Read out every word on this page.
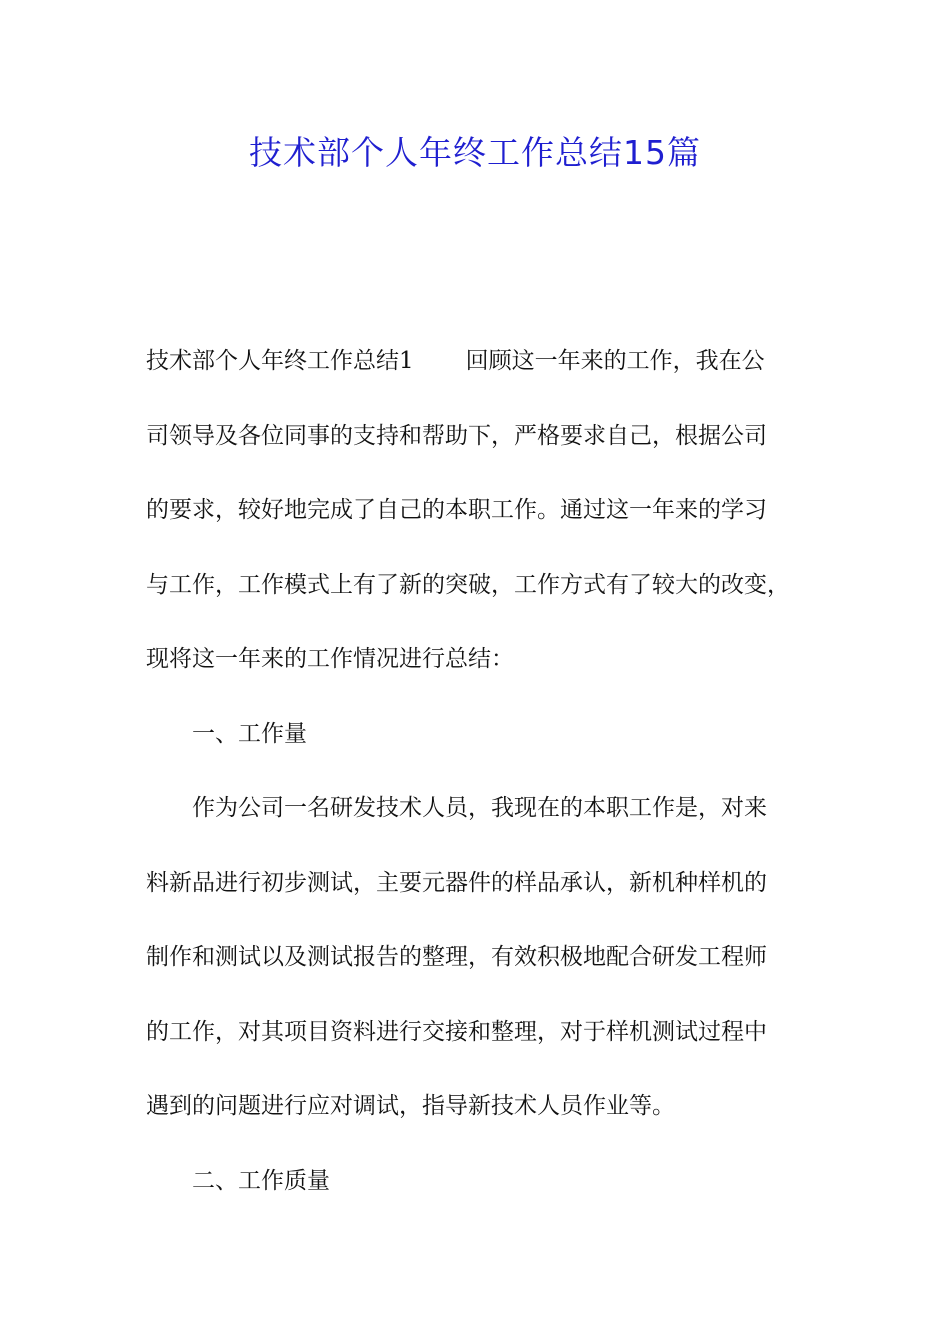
技术部个人年终工作总结15篇

技术部个人年终工作总结1 回顾这一年来的工作，我在公

司领导及各位同事的支持和帮助下，严格要求自己，根据公司

的要求，较好地完成了自己的本职工作。通过这一年来的学习

与工作，工作模式上有了新的突破，工作方式有了较大的改变，

现将这一年来的工作情况进行总结：

一、工作量

作为公司一名研发技术人员，我现在的本职工作是，对来

料新品进行初步测试，主要元器件的样品承认，新机种样机的

制作和测试以及测试报告的整理，有效积极地配合研发工程师

的工作，对其项目资料进行交接和整理，对于样机测试过程中

遇到的问题进行应对调试，指导新技术人员作业等。

二、工作质量
